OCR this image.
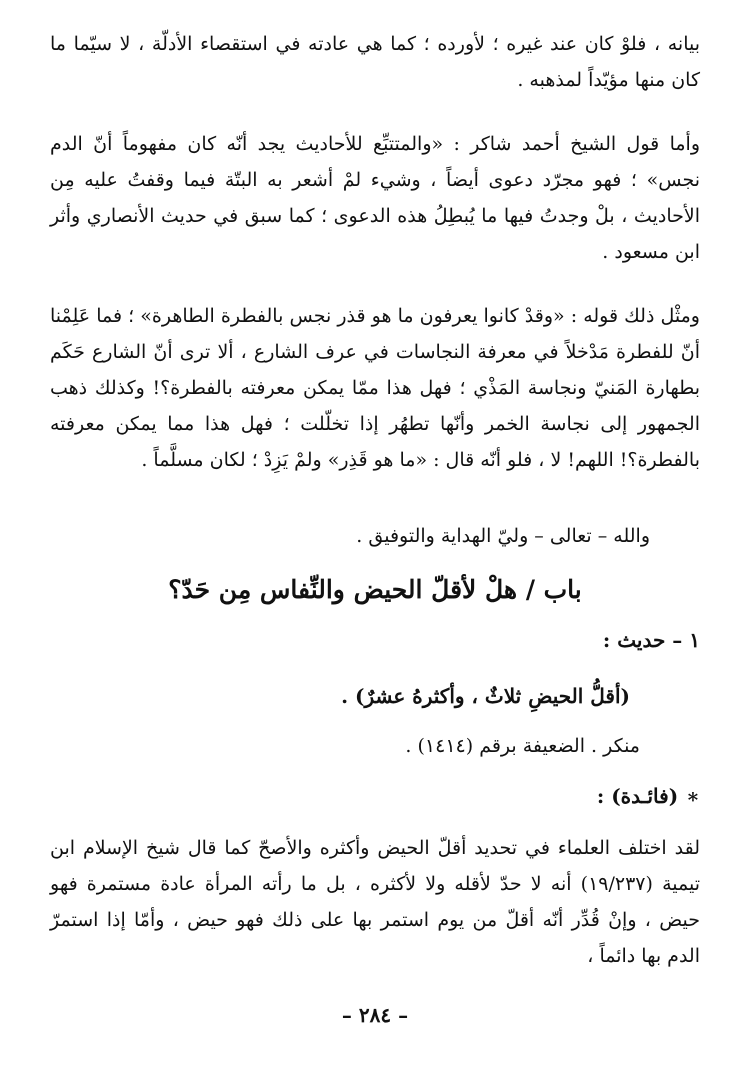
بيانه ، فلوْ كان عند غيره ؛ لأورده ؛ كما هي عادته في استقصاء الأدلّة ، لا سيّما ما كان منها مؤيّداً لمذهبه .

وأما قول الشيخ أحمد شاكر : «والمتتبِّع للأحاديث يجد أنّه كان مفهوماً أنّ الدم نجس» ؛ فهو مجرّد دعوى أيضاً ، وشيء لمْ أشعر به البتّة فيما وقفتُ عليه مِن الأحاديث ، بلْ وجدتُ فيها ما يُبطِلُ هذه الدعوى ؛ كما سبق في حديث الأنصاري وأثر ابن مسعود .

ومثْل ذلك قوله : «وقدْ كانوا يعرفون ما هو قذر نجس بالفطرة الطاهرة» ؛ فما عَلِمْنا أنّ للفطرة مَدْخلاً في معرفة النجاسات في عرف الشارع ، ألا ترى أنّ الشارع حَكَم بطهارة المَنيّ ونجاسة المَذْي ؛ فهل هذا ممّا يمكن معرفته بالفطرة؟! وكذلك ذهب الجمهور إلى نجاسة الخمر وأنّها تطهُر إذا تخلّلت ؛ فهل هذا مما يمكن معرفته بالفطرة؟! اللهم! لا ، فلو أنّه قال : «ما هو قَذِر» ولمْ يَزِدْ ؛ لكان مسلَّماً .

والله – تعالى – وليّ الهداية والتوفيق .

باب / هلْ لأقلّ الحيض والنِّفاس مِن حَدّ؟

١ – حديث :

(أقلُّ الحيضِ ثلاثٌ ، وأكثرهُ عشرٌ) .

منكر . الضعيفة برقم (١٤١٤) .

∗(فائـدة) :

لقد اختلف العلماء في تحديد أقلّ الحيض وأكثره والأصحّ كما قال شيخ الإسلام ابن تيمية (١٩/٢٣٧) أنه لا حدّ لأقله ولا لأكثره ، بل ما رأته المرأة عادة مستمرة فهو حيض ، وإنْ قُدِّر أنّه أقلّ من يوم استمر بها على ذلك فهو حيض ، وأمّا إذا استمرّ الدم بها دائماً ،

– ٢٨٤ –
